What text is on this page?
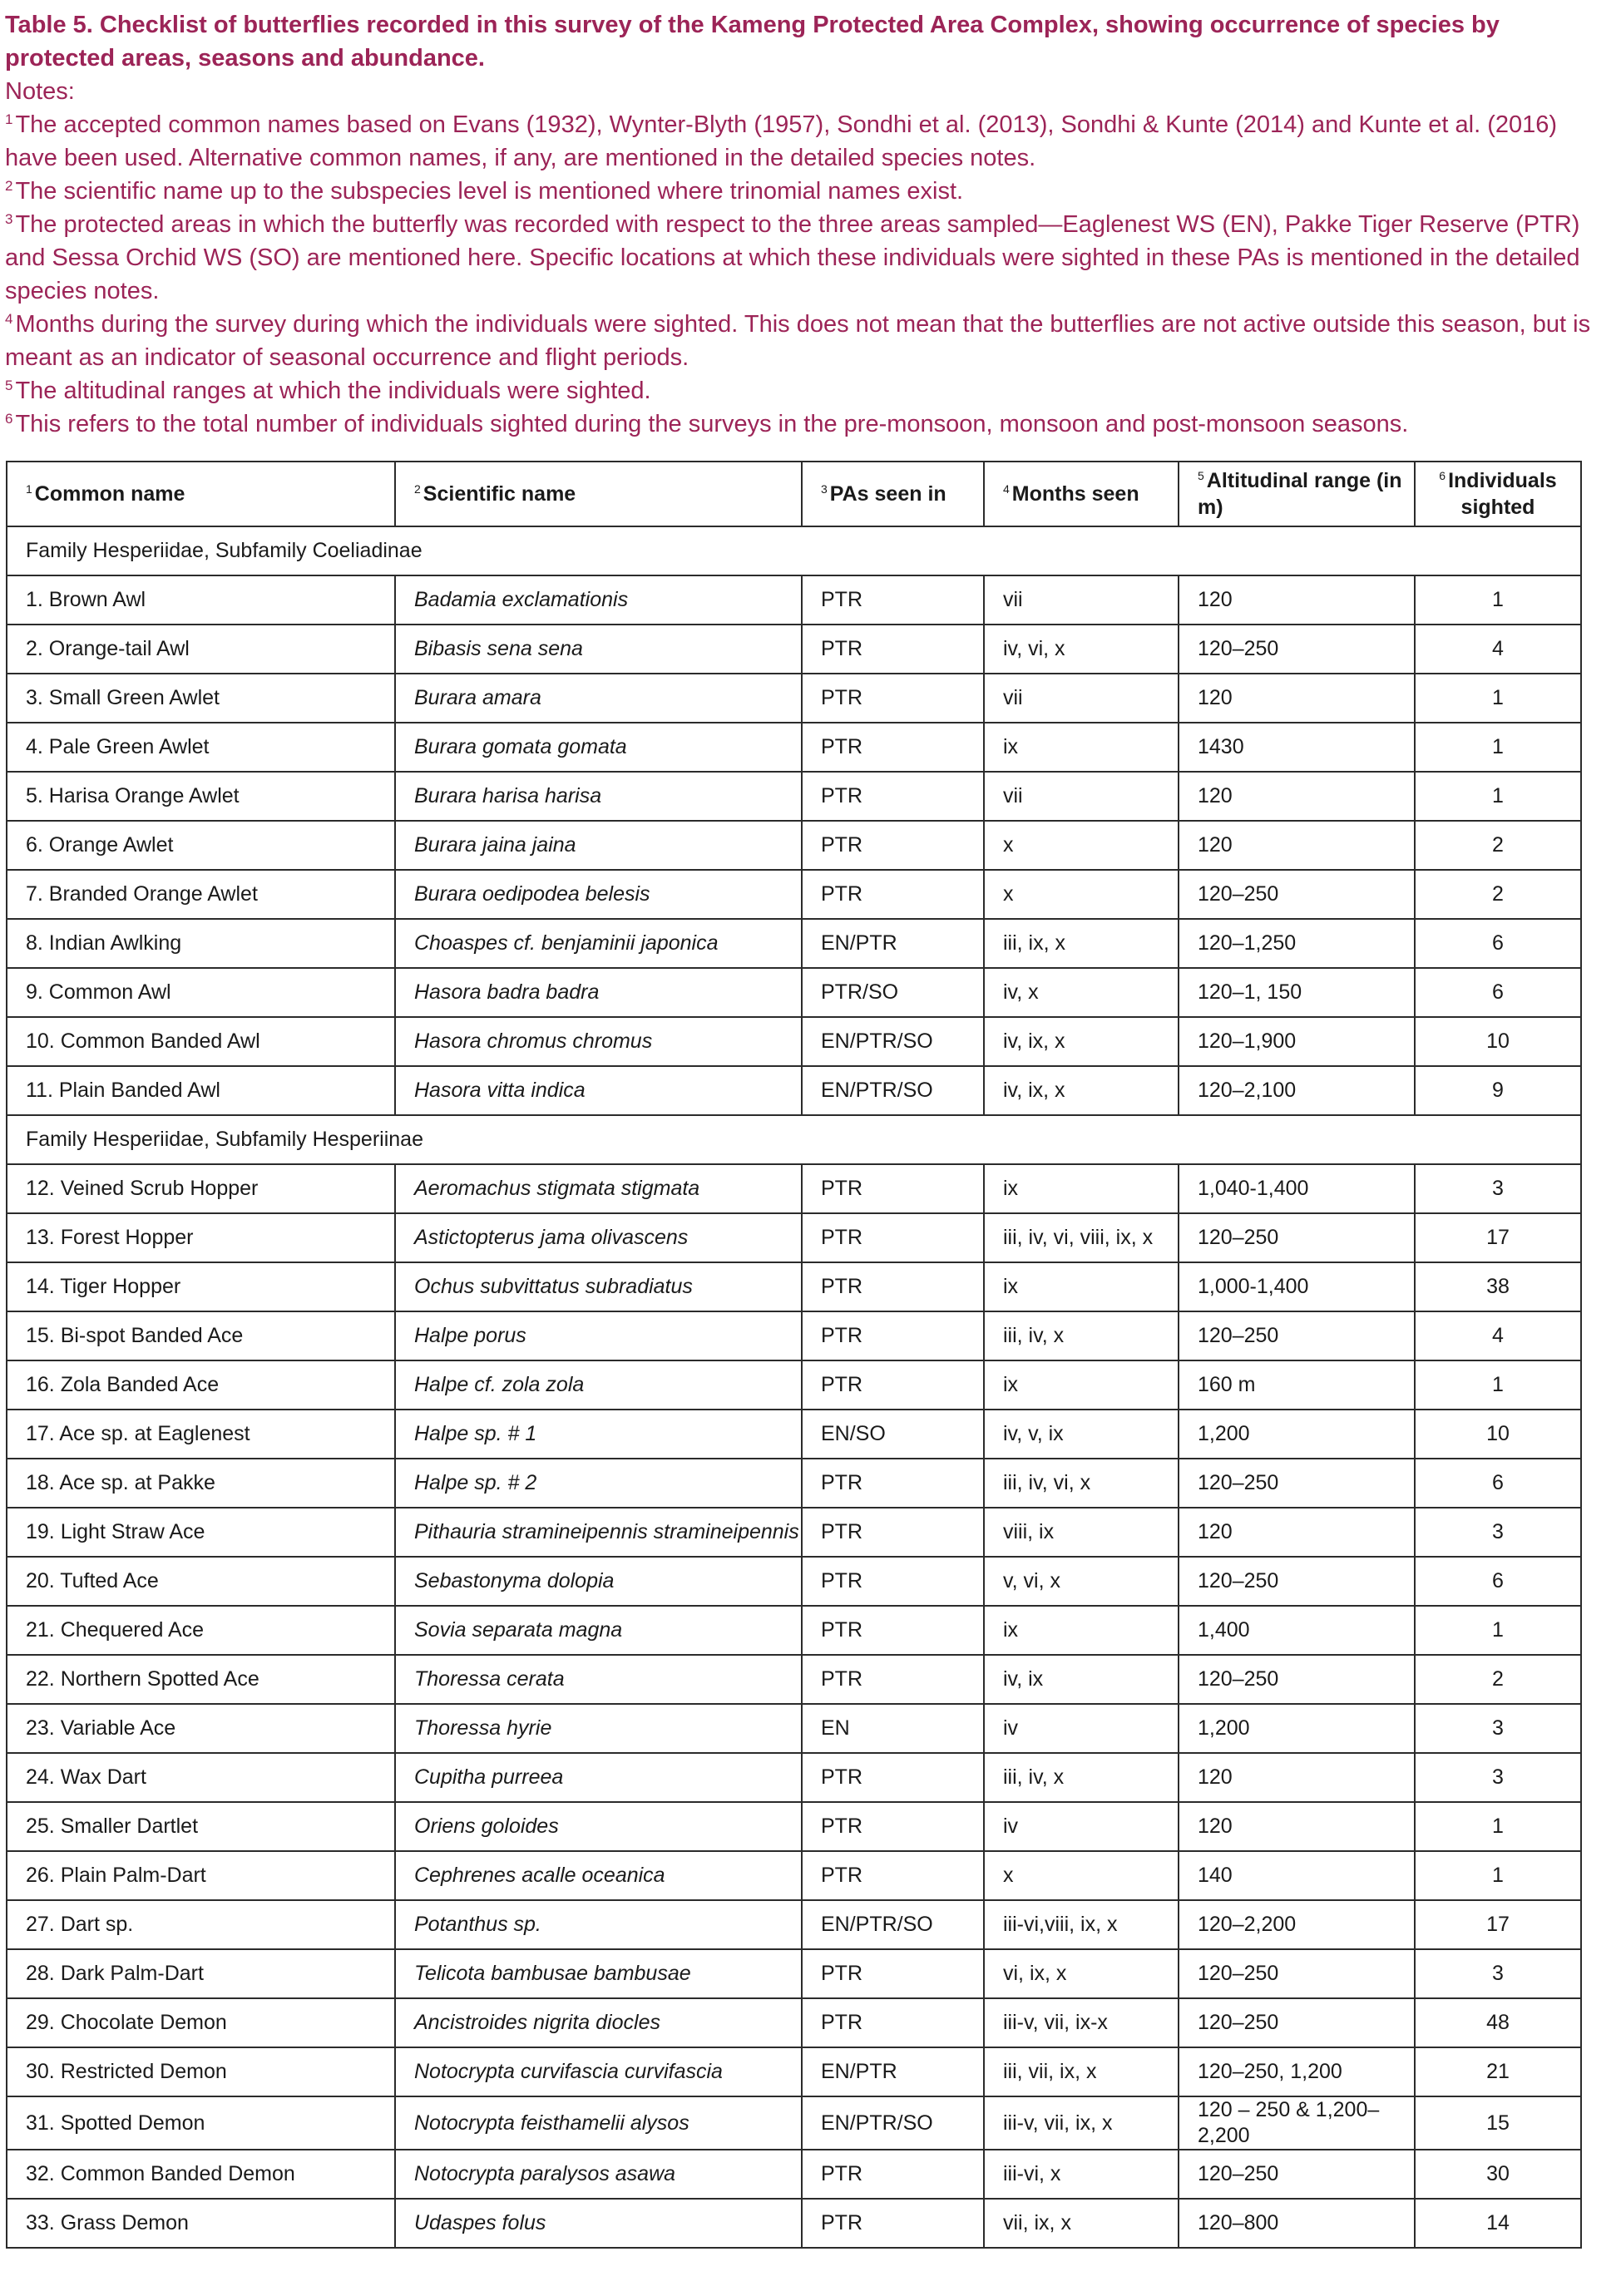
Table 5. Checklist of butterflies recorded in this survey of the Kameng Protected Area Complex, showing occurrence of species by protected areas, seasons and abundance.
Notes:
$^1$ The accepted common names based on Evans (1932), Wynter-Blyth (1957), Sondhi et al. (2013), Sondhi & Kunte (2014) and Kunte et al. (2016) have been used. Alternative common names, if any, are mentioned in the detailed species notes.
$^2$ The scientific name up to the subspecies level is mentioned where trinomial names exist.
$^3$ The protected areas in which the butterfly was recorded with respect to the three areas sampled—Eaglenest WS (EN), Pakke Tiger Reserve (PTR) and Sessa Orchid WS (SO) are mentioned here. Specific locations at which these individuals were sighted in these PAs is mentioned in the detailed species notes.
$^4$ Months during the survey during which the individuals were sighted. This does not mean that the butterflies are not active outside this season, but is meant as an indicator of seasonal occurrence and flight periods.
$^5$ The altitudinal ranges at which the individuals were sighted.
$^6$ This refers to the total number of individuals sighted during the surveys in the pre-monsoon, monsoon and post-monsoon seasons.
$^1$ Common name	$^2$ Scientific name	$^3$ PAs seen in	$^4$ Months seen	$^5$ Altitudinal range (in m)	$^6$ Individuals sighted
Family Hesperiidae, Subfamily Coeliadinae					
1. Brown Awl	Badamia exclamationis	PTR	vii	120	1
2. Orange-tail Awl	Bibasis sena sena	PTR	iv, vi, x	120–250	4
3. Small Green Awlet	Burara amara	PTR	vii	120	1
4. Pale Green Awlet	Burara gomata gomata	PTR	ix	1430	1
5. Harisa Orange Awlet	Burara harisa harisa	PTR	vii	120	1
6. Orange Awlet	Burara jaina jaina	PTR	x	120	2
7. Branded Orange Awlet	Burara oedipodea belesis	PTR	x	120–250	2
8. Indian Awlking	Choaspes cf. benjaminii japonica	EN/PTR	iii, ix, x	120–1,250	6
9. Common Awl	Hasora badra badra	PTR/SO	iv, x	120–1, 150	6
10. Common Banded Awl	Hasora chromus chromus	EN/PTR/SO	iv, ix, x	120–1,900	10
11. Plain Banded Awl	Hasora vitta indica	EN/PTR/SO	iv, ix, x	120–2,100	9
Family Hesperiidae, Subfamily Hesperiinae					
12. Veined Scrub Hopper	Aeromachus stigmata stigmata	PTR	ix	1,040-1,400	3
13. Forest Hopper	Astictopterus jama olivascens	PTR	iii, iv, vi, viii, ix, x	120–250	17
14. Tiger Hopper	Ochus subvittatus subradiatus	PTR	ix	1,000-1,400	38
15. Bi-spot Banded Ace	Halpe porus	PTR	iii, iv, x	120–250	4
16. Zola Banded Ace	Halpe cf. zola zola	PTR	ix	160 m	1
17. Ace sp. at Eaglenest	Halpe sp. # 1	EN/SO	iv, v, ix	1,200	10
18. Ace sp. at Pakke	Halpe sp. # 2	PTR	iii, iv, vi, x	120–250	6
19. Light Straw Ace	Pithauria stramineipennis stramineipennis	PTR	viii, ix	120	3
20. Tufted Ace	Sebastonyma dolopia	PTR	v, vi, x	120–250	6
21. Chequered Ace	Sovia separata magna	PTR	ix	1,400	1
22. Northern Spotted Ace	Thoressa cerata	PTR	iv, ix	120–250	2
23. Variable Ace	Thoressa hyrie	EN	iv	1,200	3
24. Wax Dart	Cupitha purreea	PTR	iii, iv, x	120	3
25. Smaller Dartlet	Oriens goloides	PTR	iv	120	1
26. Plain Palm-Dart	Cephrenes acalle oceanica	PTR	x	140	1
27. Dart sp.	Potanthus sp.	EN/PTR/SO	iii-vi,viii, ix, x	120–2,200	17
28. Dark Palm-Dart	Telicota bambusae bambusae	PTR	vi, ix, x	120–250	3
29. Chocolate Demon	Ancistroides nigrita diocles	PTR	iii-v, vii, ix-x	120–250	48
30. Restricted Demon	Notocrypta curvifascia curvifascia	EN/PTR	iii, vii, ix, x	120–250, 1,200	21
31. Spotted Demon	Notocrypta feisthamelii alysos	EN/PTR/SO	iii-v, vii, ix, x	120 – 250 & 1,200–2,200	15
32. Common Banded Demon	Notocrypta paralysos asawa	PTR	iii-vi, x	120–250	30
33. Grass Demon	Udaspes folus	PTR	vii, ix, x	120–800	14
